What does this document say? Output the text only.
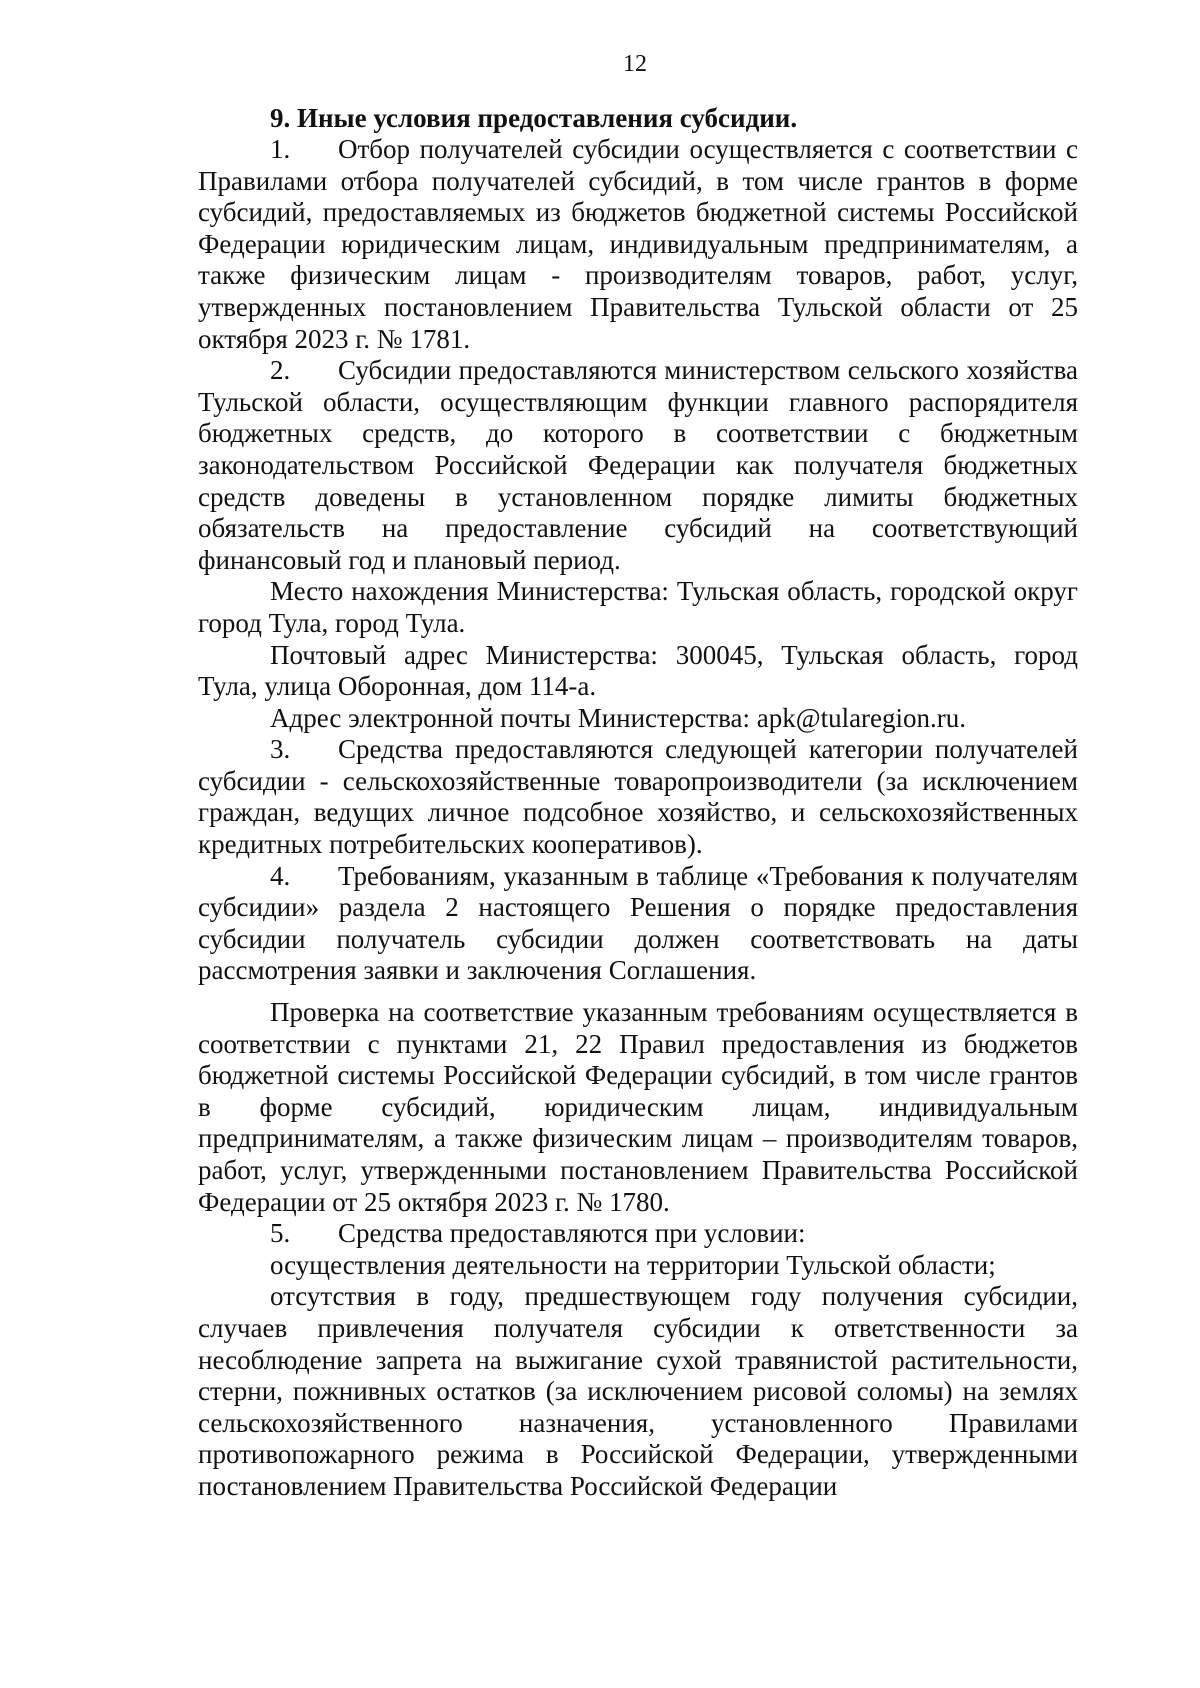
12
9. Иные условия предоставления субсидии.
1. Отбор получателей субсидии осуществляется с соответствии с Правилами отбора получателей субсидий, в том числе грантов в форме субсидий, предоставляемых из бюджетов бюджетной системы Российской Федерации юридическим лицам, индивидуальным предпринимателям, а также физическим лицам - производителям товаров, работ, услуг, утвержденных постановлением Правительства Тульской области от 25 октября 2023 г. № 1781.
2. Субсидии предоставляются министерством сельского хозяйства Тульской области, осуществляющим функции главного распорядителя бюджетных средств, до которого в соответствии с бюджетным законодательством Российской Федерации как получателя бюджетных средств доведены в установленном порядке лимиты бюджетных обязательств на предоставление субсидий на соответствующий финансовый год и плановый период.

Место нахождения Министерства: Тульская область, городской округ город Тула, город Тула.

Почтовый адрес Министерства: 300045, Тульская область, город Тула, улица Оборонная, дом 114-а.

Адрес электронной почты Министерства: apk@tularegion.ru.

3. Средства предоставляются следующей категории получателей субсидии - сельскохозяйственные товаропроизводители (за исключением граждан, ведущих личное подсобное хозяйство, и сельскохозяйственных кредитных потребительских кооперативов).
4. Требованиям, указанным в таблице «Требования к получателям субсидии» раздела 2 настоящего Решения о порядке предоставления субсидии получатель субсидии должен соответствовать на даты рассмотрения заявки и заключения Соглашения.

Проверка на соответствие указанным требованиям осуществляется в соответствии с пунктами 21, 22 Правил предоставления из бюджетов бюджетной системы Российской Федерации субсидий, в том числе грантов в форме субсидий, юридическим лицам, индивидуальным предпринимателям, а также физическим лицам – производителям товаров, работ, услуг, утвержденными постановлением Правительства Российской Федерации от 25 октября 2023 г. № 1780.

5. Средства предоставляются при условии:

осуществления деятельности на территории Тульской области;

отсутствия в году, предшествующем году получения субсидии, случаев привлечения получателя субсидии к ответственности за несоблюдение запрета на выжигание сухой травянистой растительности, стерни, пожнивных остатков (за исключением рисовой соломы) на землях сельскохозяйственного назначения, установленного Правилами противопожарного режима в Российской Федерации, утвержденными постановлением Правительства Российской Федерации
